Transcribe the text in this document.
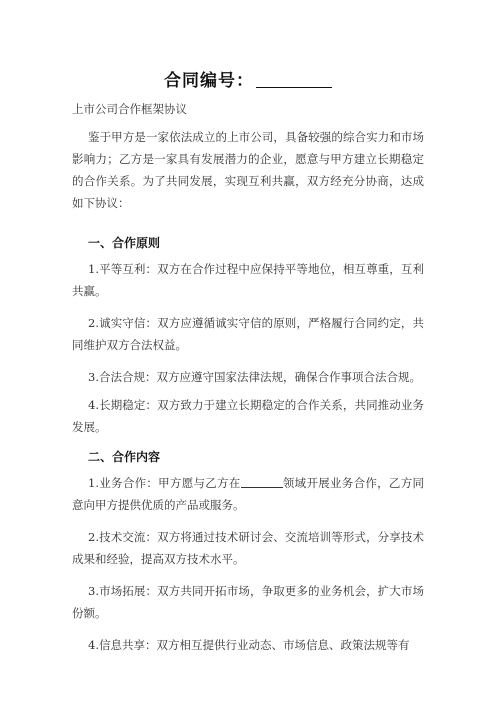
合同编号：

上市公司合作框架协议

鉴于甲方是一家依法成立的上市公司，具备较强的综合实力和市场影响力；乙方是一家具有发展潜力的企业，愿意与甲方建立长期稳定的合作关系。为了共同发展，实现互利共赢，双方经充分协商，达成如下协议：

一、合作原则

1.平等互利：双方在合作过程中应保持平等地位，相互尊重，互利共赢。

2.诚实守信：双方应遵循诚实守信的原则，严格履行合同约定，共同维护双方合法权益。

3.合法合规：双方应遵守国家法律法规，确保合作事项合法合规。

4.长期稳定：双方致力于建立长期稳定的合作关系，共同推动业务发展。

二、合作内容

1.业务合作：甲方愿与乙方在	领域开展业务合作，乙方同意向甲方提供优质的产品或服务。

2.技术交流：双方将通过技术研讨会、交流培训等形式，分享技术成果和经验，提高双方技术水平。

3.市场拓展：双方共同开拓市场，争取更多的业务机会，扩大市场份额。

4.信息共享：双方相互提供行业动态、市场信息、政策法规等有
